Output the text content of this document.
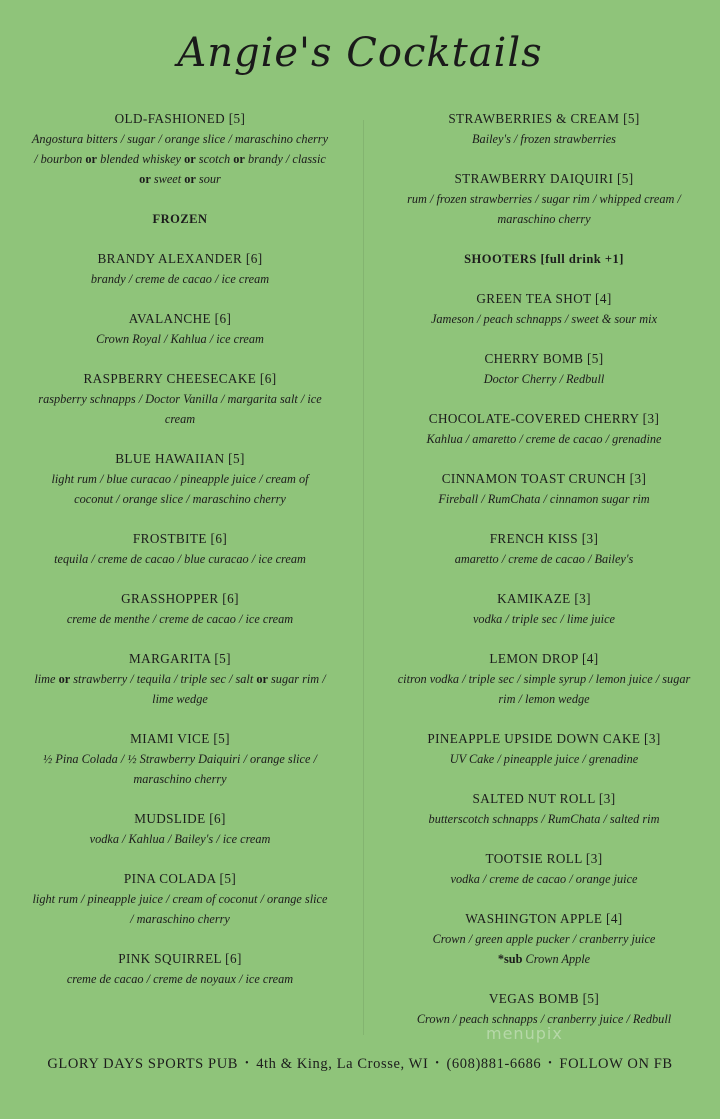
Angie's Cocktails
OLD-FASHIONED [5]
Angostura bitters / sugar / orange slice / maraschino cherry
/ bourbon or blended whiskey or scotch or brandy / classic
or sweet or sour
FROZEN
BRANDY ALEXANDER [6]
brandy / creme de cacao / ice cream
AVALANCHE [6]
Crown Royal / Kahlua / ice cream
RASPBERRY CHEESECAKE [6]
raspberry schnapps / Doctor Vanilla / margarita salt / ice
cream
BLUE HAWAIIAN [5]
light rum / blue curacao / pineapple juice / cream of
coconut / orange slice / maraschino cherry
FROSTBITE [6]
tequila / creme de cacao / blue curacao / ice cream
GRASSHOPPER [6]
creme de menthe / creme de cacao / ice cream
MARGARITA [5]
lime or strawberry / tequila / triple sec / salt or sugar rim /
lime wedge
MIAMI VICE [5]
½ Pina Colada / ½ Strawberry Daiquiri / orange slice /
maraschino cherry
MUDSLIDE [6]
vodka / Kahlua / Bailey's / ice cream
PINA COLADA [5]
light rum / pineapple juice / cream of coconut / orange slice
/ maraschino cherry
PINK SQUIRREL [6]
creme de cacao / creme de noyaux / ice cream
STRAWBERRIES & CREAM [5]
Bailey's / frozen strawberries
STRAWBERRY DAIQUIRI [5]
rum / frozen strawberries / sugar rim / whipped cream /
maraschino cherry
SHOOTERS [full drink +1]
GREEN TEA SHOT [4]
Jameson / peach schnapps / sweet & sour mix
CHERRY BOMB [5]
Doctor Cherry / Redbull
CHOCOLATE-COVERED CHERRY [3]
Kahlua / amaretto / creme de cacao / grenadine
CINNAMON TOAST CRUNCH [3]
Fireball / RumChata / cinnamon sugar rim
FRENCH KISS [3]
amaretto / creme de cacao / Bailey's
KAMIKAZE [3]
vodka / triple sec / lime juice
LEMON DROP [4]
citron vodka / triple sec / simple syrup / lemon juice / sugar
rim / lemon wedge
PINEAPPLE UPSIDE DOWN CAKE [3]
UV Cake / pineapple juice / grenadine
SALTED NUT ROLL [3]
butterscotch schnapps / RumChata / salted rim
TOOTSIE ROLL [3]
vodka / creme de cacao / orange juice
WASHINGTON APPLE [4]
Crown / green apple pucker / cranberry juice
*sub Crown Apple
VEGAS BOMB [5]
Crown / peach schnapps / cranberry juice / Redbull
menupix
GLORY DAYS SPORTS PUB • 4th & King, La Crosse, WI • (608)881-6686 • FOLLOW ON FB
